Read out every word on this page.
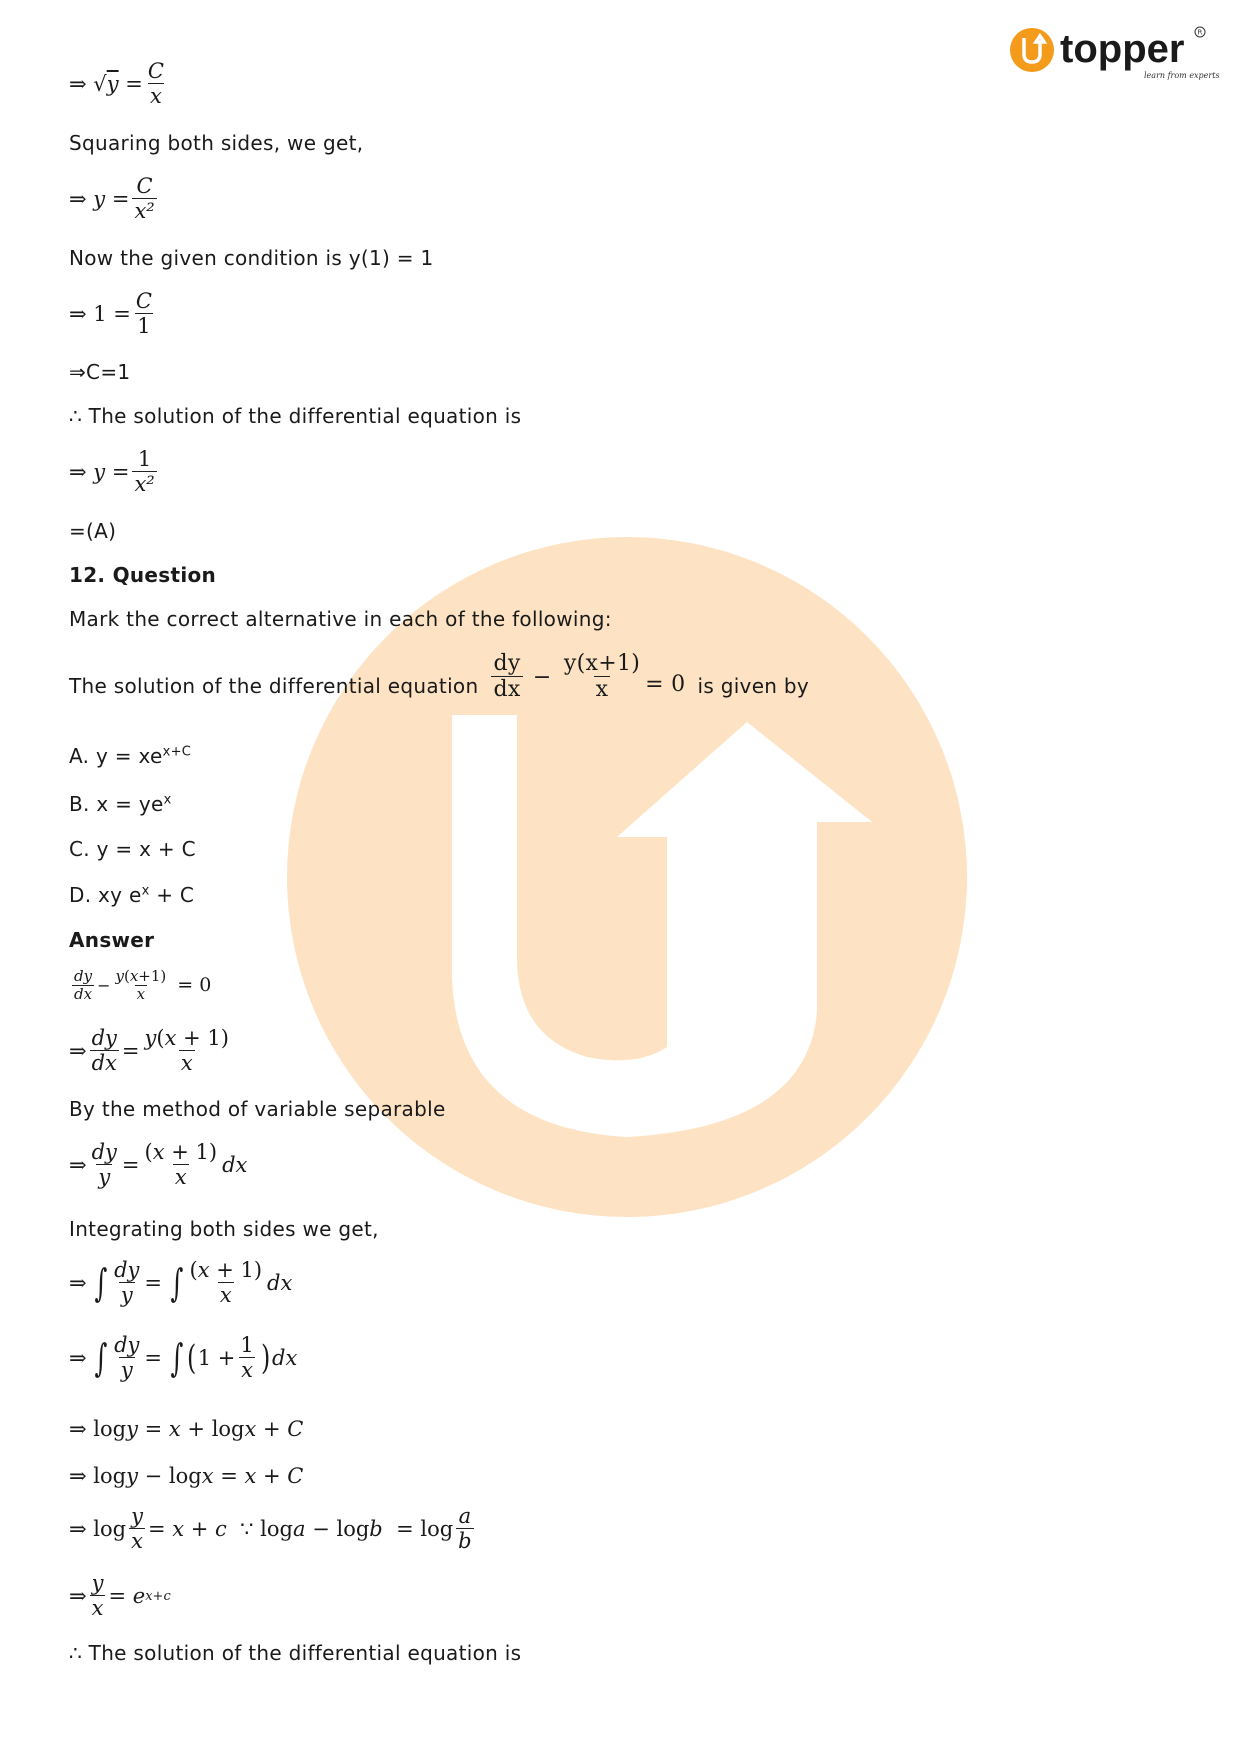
topper
learn from experts
R
⇒
$√y = \frac{C}{x}$
Squaring both sides, we get,
⇒ $y = \frac{C}{\text{x²}}$
Now the given condition is y(1) = 1
⇒ $1 = \frac{C}{1}$
⇒C=1
∴ The solution of the differential equation is
⇒ $y = \frac{1}{\text{x²}}$
=(A)
12. Question
Mark the correct alternative in each of the following:
The solution of the differential equation $\frac{dy}{dx} - \frac{y(x+1)}{x} = 0$ is given by
A. $y = xe^{x+C}$
B. $x = ye^x$
C. y = x + C
D. xy $e^x + C$
Answer
$\frac{dy}{dx} - \frac{y(x+1)}{x} = 0$
⇒ $\frac{dy}{dx} = \frac{y(x + 1)}{x}$
By the method of variable separable
⇒ $\frac{dy}{y} = \frac{(x + 1)}{x}$ dx
Integrating both sides we get,
⇒ ∫ $\frac{dy}{y}$ = ∫ $\frac{(x + 1)}{x}$ dx
⇒ ∫ $\frac{dy}{y}$ = ∫ ( $1 + \frac{1}{x}$ ) dx
⇒ log y = x + log x + C
⇒ log y − log x = x + C
⇒ $\log \frac{y}{x} = x + c$ ∵ $\log a - \log b = \log \frac{a}{b}$
⇒ $\frac{y}{x} = e$ x+c
∴ The solution of the differential equation is
